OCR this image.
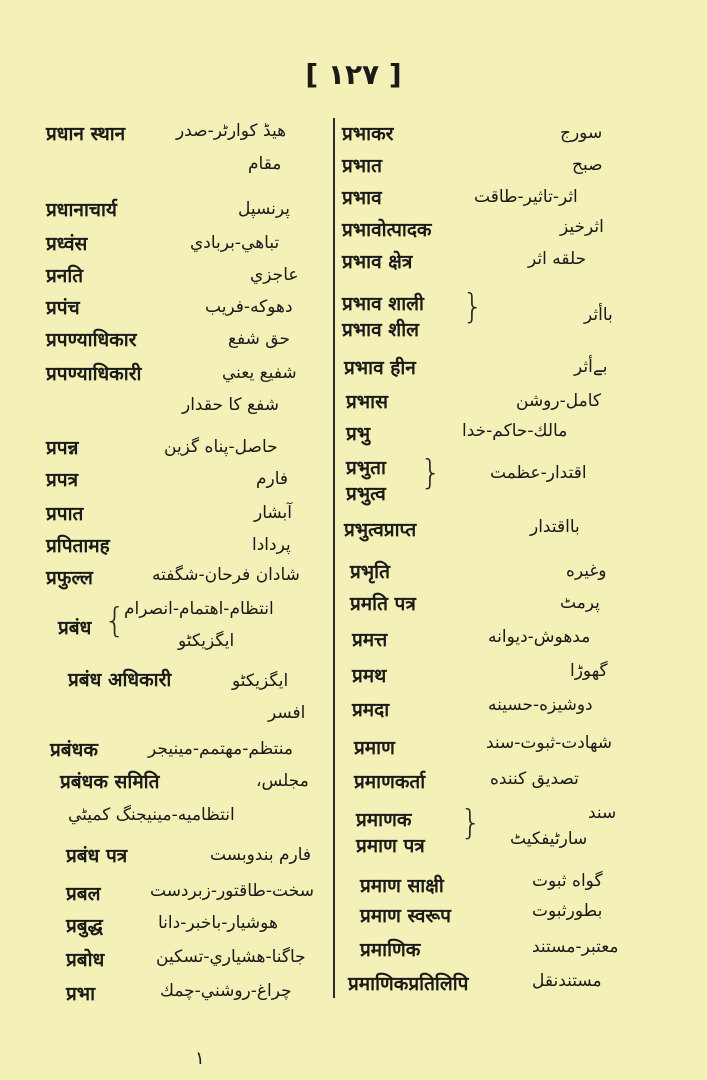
[ ۱۲۷ ]
प्रधान स्थान	هيڈ كوارٹر-صدر
مقام
प्रधानाचार्य	پرنسپل
प्रध्वंस	تباهي-بربادي
प्रनति	عاجزي
प्रपंच	دهوكه-فريب
प्रपण्याधिकार	حق شفع
प्रपण्याधिकारी	شفيع يعني
شفع كا حقدار
प्रपन्न	حاصل-پناه گزين
प्रपत्र	فارم
प्रपात	آبشار
प्रपितामह	پردادا
प्रफुल्ल	شادان فرحان-شگفته
प्रबंध {
انتظام-اهتمام-انصرام
ايگزيكٹو
प्रबंध अधिकारी	ايگزيكٹو
افسر
प्रबंधक	منتظم-مهتمم-مينيجر
प्रबंधक समिति	مجلس،
انتظاميه-مينيجنگ كميٹي
प्रबंध पत्र	فارم بندوبست
प्रबल	سخت-طاقتور-زبردست
प्रबुद्ध	هوشيار-باخبر-دانا
प्रबोध	جاگنا-هشياري-تسكين
प्रभा	چراغ-روشني-چمك
प्रभाकर	سورج
प्रभात	صبح
प्रभाव	اثر-تاثير-طاقت
प्रभावोत्पादक	اثرخيز
प्रभाव क्षेत्र	حلقه اثر
प्रभाव शाली
प्रभाव शील
}	باأثر
प्रभाव हीन	بےأثر
प्रभास	كامل-روشن
प्रभु	مالك-حاكم-خدا
प्रभुता
प्रभुत्व
}	اقتدار-عظمت
प्रभुत्वप्राप्त	بااقتدار
प्रभृति	وغيره
प्रमति पत्र	پرمٹ
प्रमत्त	مدهوش-ديوانه
प्रमथ	گهوڑا
प्रमदा	دوشيزه-حسينه
प्रमाण	شهادت-ثبوت-سند
प्रमाणकर्ता	تصديق كننده
प्रमाणक
प्रमाण पत्र
}	سند
سارٹيفكيٹ
प्रमाण साक्षी	گواه ثبوت
प्रमाण स्वरूप	بطورثبوت
प्रमाणिक	معتبر-مستند
प्रमाणिकप्रतिलिपि	مستندنقل
۱
